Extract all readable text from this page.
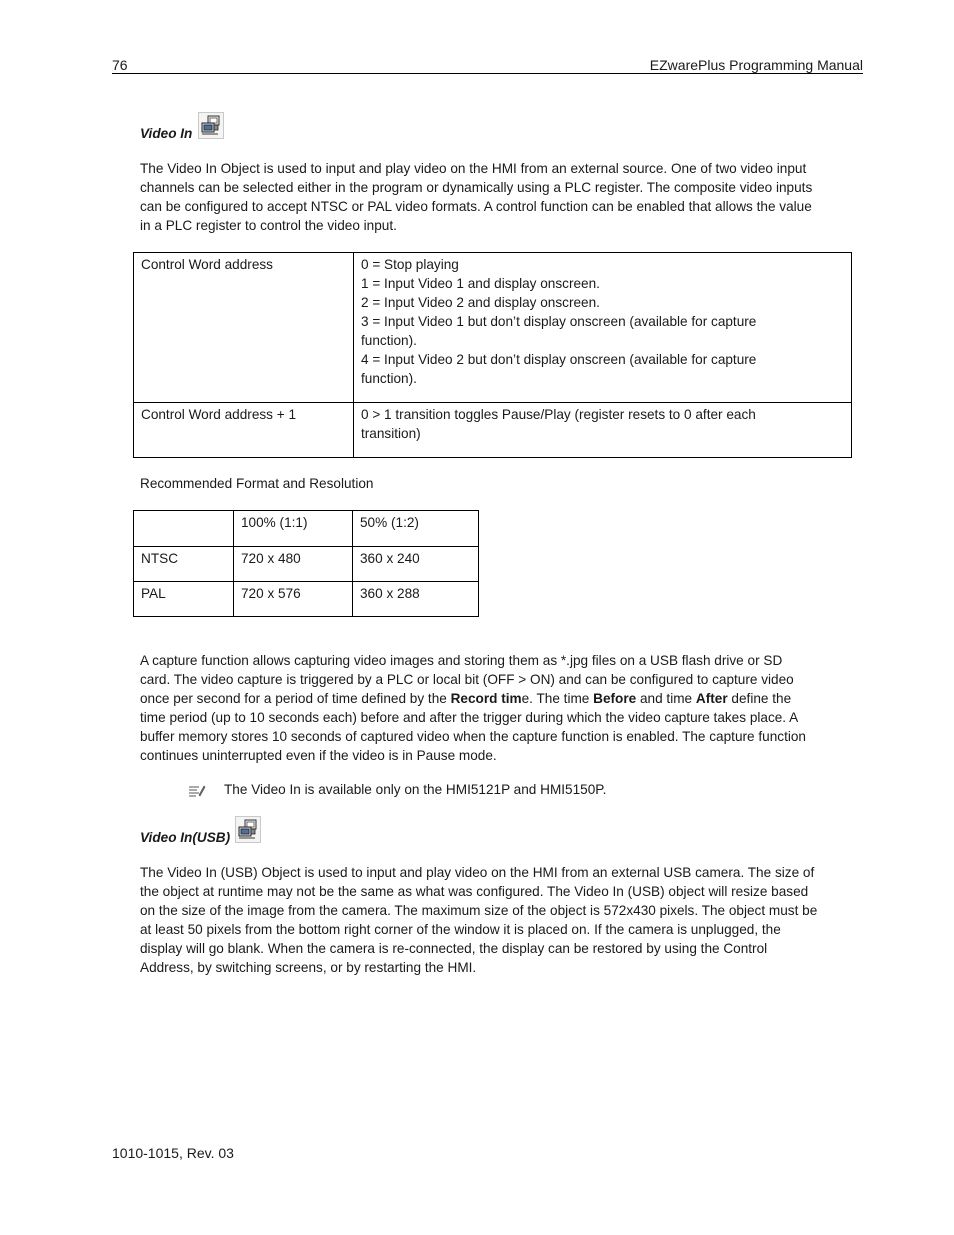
76	EZwarePlus Programming Manual
Video In

The Video In Object is used to input and play video on the HMI from an external source. One of two video input channels can be selected either in the program or dynamically using a PLC register. The composite video inputs can be configured to accept NTSC or PAL video formats. A control function can be enabled that allows the value in a PLC register to control the video input.

Control Word address	0 = Stop playing
1 = Input Video 1 and display onscreen.
2 = Input Video 2 and display onscreen.
3 = Input Video 1 but don’t display onscreen (available for capture function).
4 = Input Video 2 but don’t display onscreen (available for capture function).

Control Word address + 1	0 > 1 transition toggles Pause/Play (register resets to 0 after each transition)
Recommended Format and Resolution
	100% (1:1)	50% (1:2)
NTSC	720 x 480	360 x 240
PAL	720 x 576	360 x 288

A capture function allows capturing video images and storing them as *.jpg files on a USB flash drive or SD card. The video capture is triggered by a PLC or local bit (OFF > ON) and can be configured to capture video once per second for a period of time defined by the Record time. The time Before and time After define the time period (up to 10 seconds each) before and after the trigger during which the video capture takes place. A buffer memory stores 10 seconds of captured video when the capture function is enabled. The capture function continues uninterrupted even if the video is in Pause mode.

The Video In is available only on the HMI5121P and HMI5150P.
Video In(USB)

The Video In (USB) Object is used to input and play video on the HMI from an external USB camera. The size of the object at runtime may not be the same as what was configured. The Video In (USB) object will resize based on the size of the image from the camera. The maximum size of the object is 572x430 pixels. The object must be at least 50 pixels from the bottom right corner of the window it is placed on. If the camera is unplugged, the display will go blank. When the camera is re-connected, the display can be restored by using the Control Address, by switching screens, or by restarting the HMI.

1010-1015, Rev. 03
